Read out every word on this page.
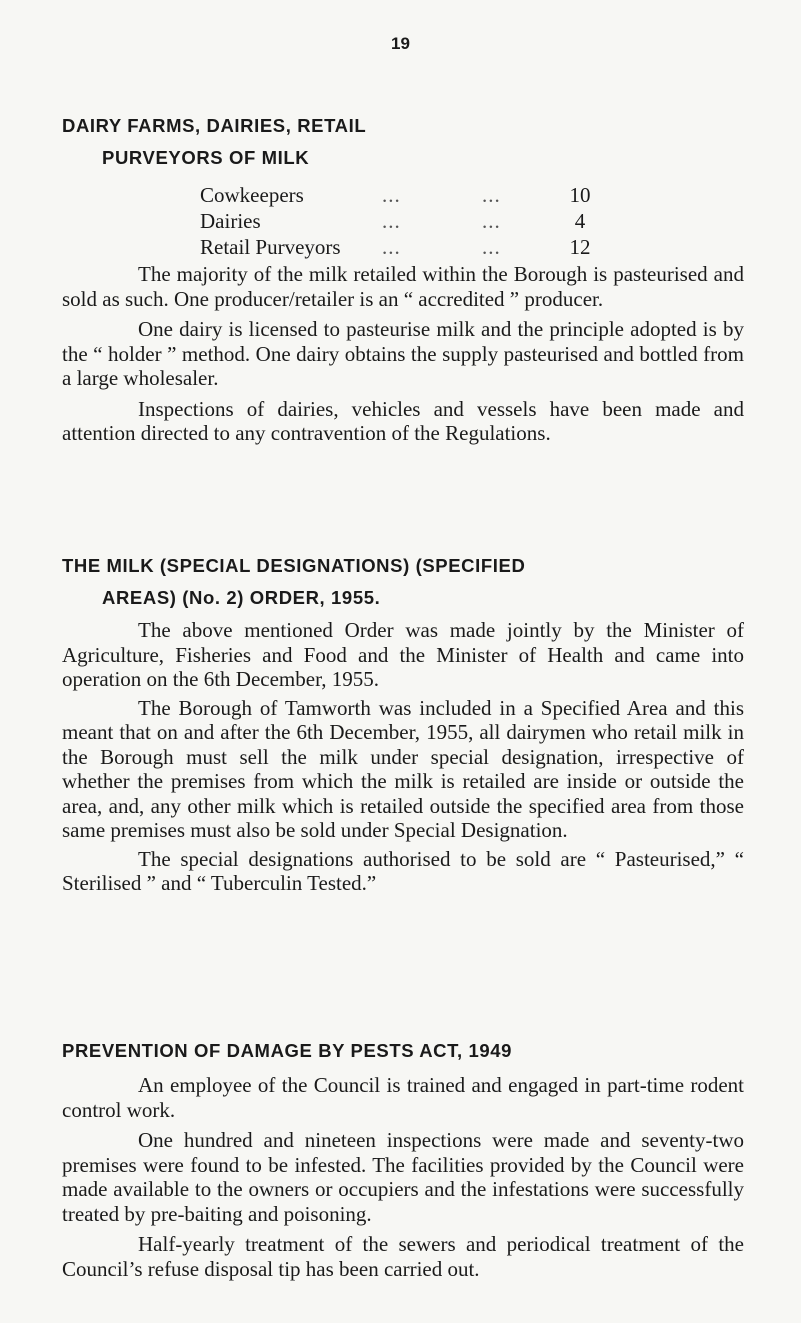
19
DAIRY FARMS, DAIRIES, RETAIL
PURVEYORS OF MILK
Cowkeepers	...	...	10
Dairies	...	...	4
Retail Purveyors ...	...	12

The majority of the milk retailed within the Borough is pasteurised and sold as such. One producer/retailer is an “ accredited ” producer.

One dairy is licensed to pasteurise milk and the principle adopted is by the “ holder ” method. One dairy obtains the supply pasteurised and bottled from a large wholesaler.

Inspections of dairies, vehicles and vessels have been made and attention directed to any contravention of the Regulations.

THE MILK (SPECIAL DESIGNATIONS) (SPECIFIED
AREAS) (No. 2) ORDER, 1955.

The above mentioned Order was made jointly by the Minister of Agriculture, Fisheries and Food and the Minister of Health and came into operation on the 6th December, 1955.

The Borough of Tamworth was included in a Specified Area and this meant that on and after the 6th December, 1955, all dairymen who retail milk in the Borough must sell the milk under special designation, irrespective of whether the premises from which the milk is retailed are inside or outside the area, and, any other milk which is retailed outside the specified area from those same premises must also be sold under Special Designation.

The special designations authorised to be sold are “ Pasteurised,” “ Sterilised ” and “ Tuberculin Tested.”

PREVENTION OF DAMAGE BY PESTS ACT, 1949

An employee of the Council is trained and engaged in part-time rodent control work.

One hundred and nineteen inspections were made and seventy-two premises were found to be infested. The facilities provided by the Council were made available to the owners or occupiers and the infestations were successfully treated by pre-baiting and poisoning.

Half-yearly treatment of the sewers and periodical treatment of the Council’s refuse disposal tip has been carried out.
